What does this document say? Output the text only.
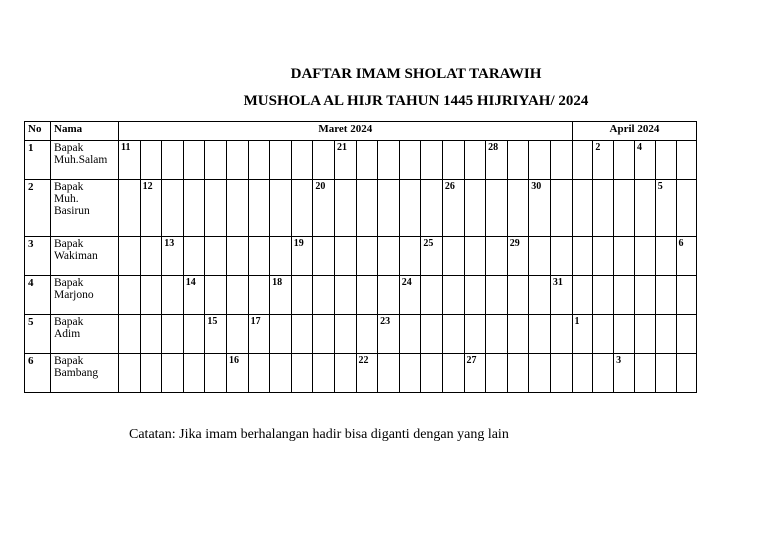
DAFTAR IMAM SHOLAT TARAWIH
MUSHOLA AL HIJR TAHUN 1445 HIJRIYAH/ 2024
No	Nama	Maret 2024																					April 2024					
1	Bapak
Muh.Salam	11										21							28					2		4		
2	Bapak
Muh.
Basirun		12								20						26				30						5	
3	Bapak
Wakiman			13						19						25				29								6
4	Bapak
Marjono				14				18						24							31						
5	Bapak
Adim					15		17						23									1					
6	Bapak
Bambang						16						22					27							3			
Catatan: Jika imam berhalangan hadir bisa diganti dengan yang lain
